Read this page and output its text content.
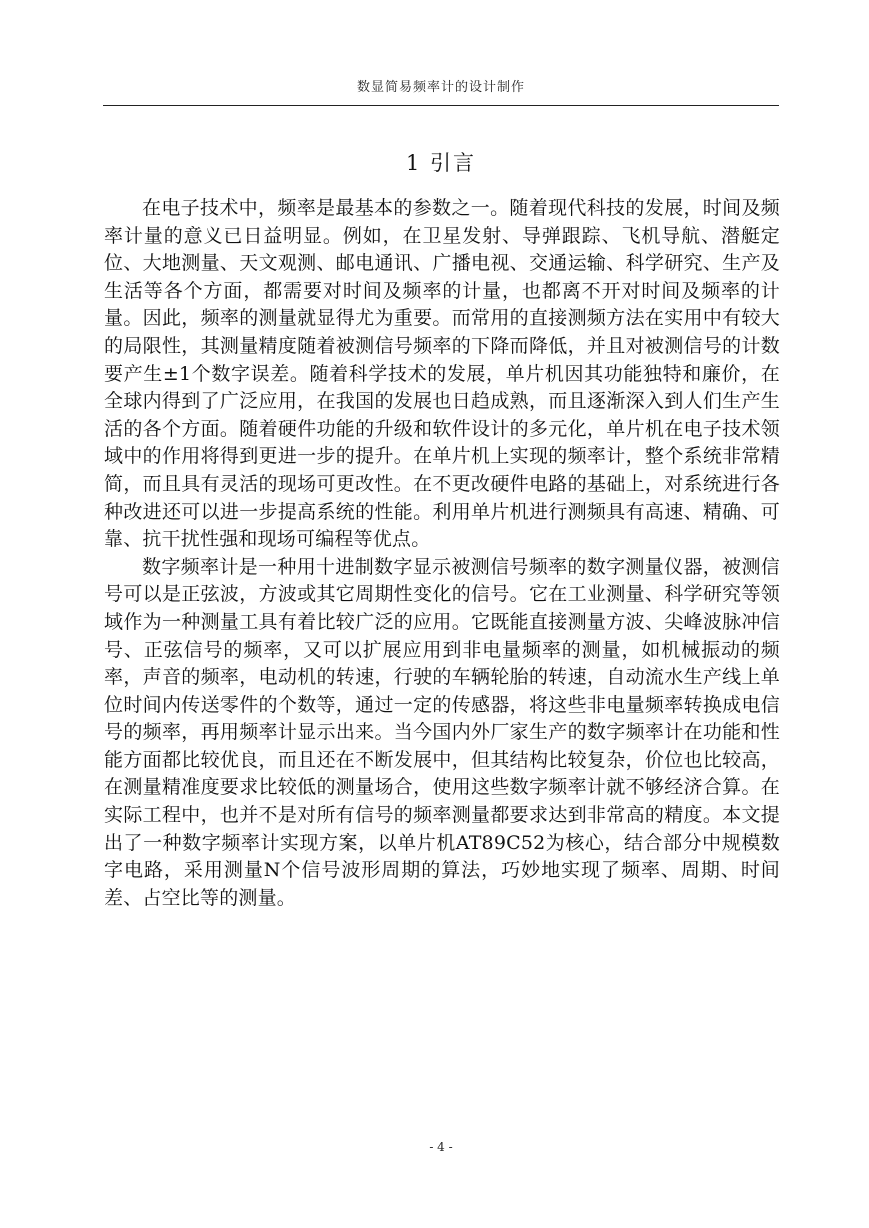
数显简易频率计的设计制作
1 引言

在电子技术中，频率是最基本的参数之一。随着现代科技的发展，时间及频率计量的意义已日益明显。例如，在卫星发射、导弹跟踪、飞机导航、潜艇定位、大地测量、天文观测、邮电通讯、广播电视、交通运输、科学研究、生产及生活等各个方面，都需要对时间及频率的计量，也都离不开对时间及频率的计量。因此，频率的测量就显得尤为重要。而常用的直接测频方法在实用中有较大的局限性，其测量精度随着被测信号频率的下降而降低，并且对被测信号的计数要产生±1个数字误差。随着科学技术的发展，单片机因其功能独特和廉价，在全球内得到了广泛应用，在我国的发展也日趋成熟，而且逐渐深入到人们生产生活的各个方面。随着硬件功能的升级和软件设计的多元化，单片机在电子技术领域中的作用将得到更进一步的提升。在单片机上实现的频率计，整个系统非常精简，而且具有灵活的现场可更改性。在不更改硬件电路的基础上，对系统进行各种改进还可以进一步提高系统的性能。利用单片机进行测频具有高速、精确、可靠、抗干扰性强和现场可编程等优点。

数字频率计是一种用十进制数字显示被测信号频率的数字测量仪器，被测信号可以是正弦波，方波或其它周期性变化的信号。它在工业测量、科学研究等领域作为一种测量工具有着比较广泛的应用。它既能直接测量方波、尖峰波脉冲信号、正弦信号的频率，又可以扩展应用到非电量频率的测量，如机械振动的频率，声音的频率，电动机的转速，行驶的车辆轮胎的转速，自动流水生产线上单位时间内传送零件的个数等，通过一定的传感器，将这些非电量频率转换成电信号的频率，再用频率计显示出来。当今国内外厂家生产的数字频率计在功能和性能方面都比较优良，而且还在不断发展中，但其结构比较复杂，价位也比较高，在测量精准度要求比较低的测量场合，使用这些数字频率计就不够经济合算。在实际工程中，也并不是对所有信号的频率测量都要求达到非常高的精度。本文提出了一种数字频率计实现方案，以单片机AT89C52为核心，结合部分中规模数字电路，采用测量N个信号波形周期的算法，巧妙地实现了频率、周期、时间差、占空比等的测量。

- 4 -
